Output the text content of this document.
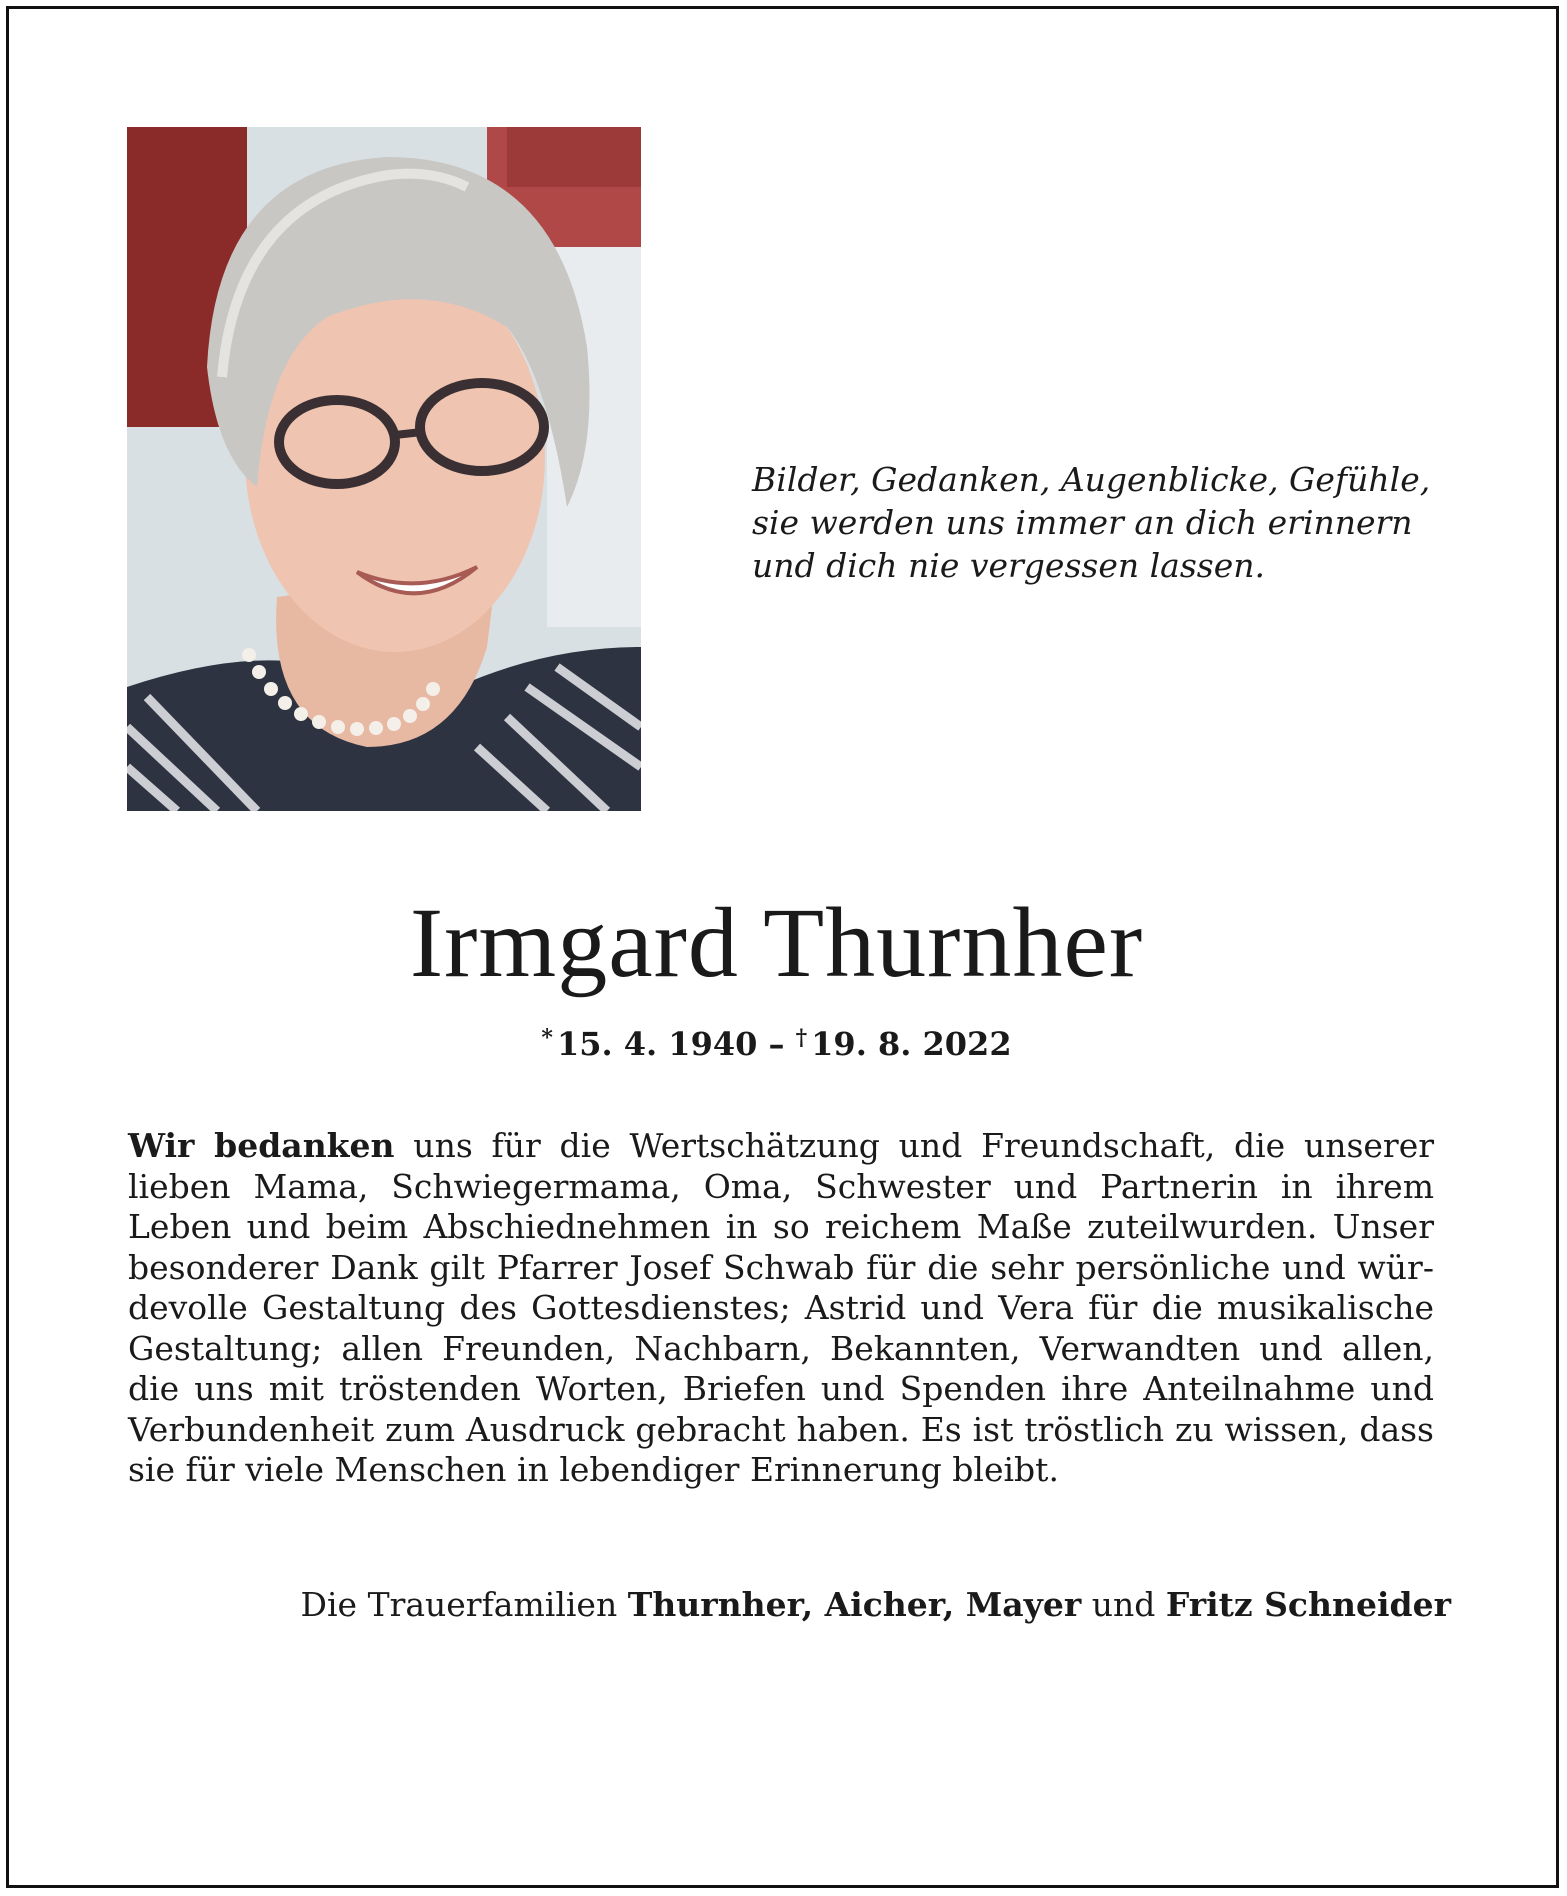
Bilder, Gedanken, Augenblicke, Gefühle,
sie werden uns immer an dich erinnern
und dich nie vergessen lassen.
Irmgard Thurnher
* 15. 4. 1940 – † 19. 8. 2022
Wir bedanken uns für die Wertschätzung und Freundschaft, die unserer
lieben Mama, Schwiegermama, Oma, Schwester und Partnerin in ihrem
Leben und beim Abschiednehmen in so reichem Maße zuteilwurden. Unser
besonderer Dank gilt Pfarrer Josef Schwab für die sehr persönliche und wür-
devolle Gestaltung des Gottesdienstes; Astrid und Vera für die musikalische
Gestaltung; allen Freunden, Nachbarn, Bekannten, Verwandten und allen,
die uns mit tröstenden Worten, Briefen und Spenden ihre Anteilnahme und
Verbundenheit zum Ausdruck gebracht haben. Es ist tröstlich zu wissen, dass
sie für viele Menschen in lebendiger Erinnerung bleibt.
Die Trauerfamilien Thurnher, Aicher, Mayer und Fritz Schneider
